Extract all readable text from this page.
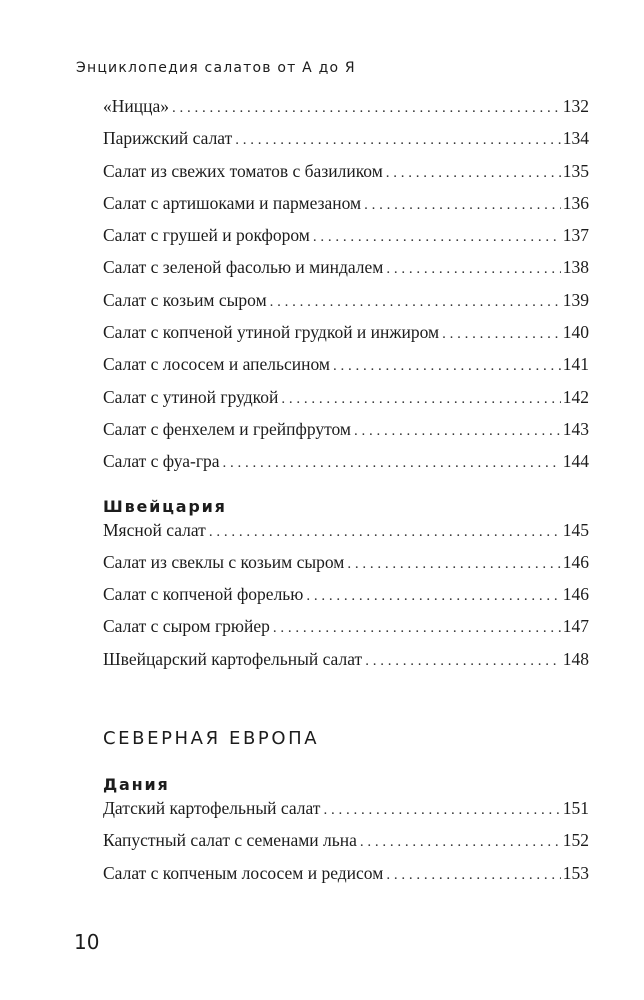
Энциклопедия салатов от А до Я
«Ницца» . . .	132
Парижский салат . . .	134
Салат из свежих томатов с базиликом . . .	135
Салат с артишоками и пармезаном . . .	136
Салат с грушей и рокфором . . .	137
Салат с зеленой фасолью и миндалем . . .	138
Салат с козьим сыром . . .	139
Салат с копченой утиной грудкой и инжиром . . .	140
Салат с лососем и апельсином . . .	141
Салат с утиной грудкой . . .	142
Салат с фенхелем и грейпфрутом . . .	143
Салат с фуа-гра . . .	144
Швейцария
Мясной салат . . .	145
Салат из свеклы с козьим сыром . . .	146
Салат с копченой форелью . . .	146
Салат с сыром грюйер . . .	147
Швейцарский картофельный салат . . .	148
СЕВЕРНАЯ ЕВРОПА
Дания
Датский картофельный салат . . .	151
Капустный салат с семенами льна . . .	152
Салат с копченым лососем и редисом . . .	153
10
